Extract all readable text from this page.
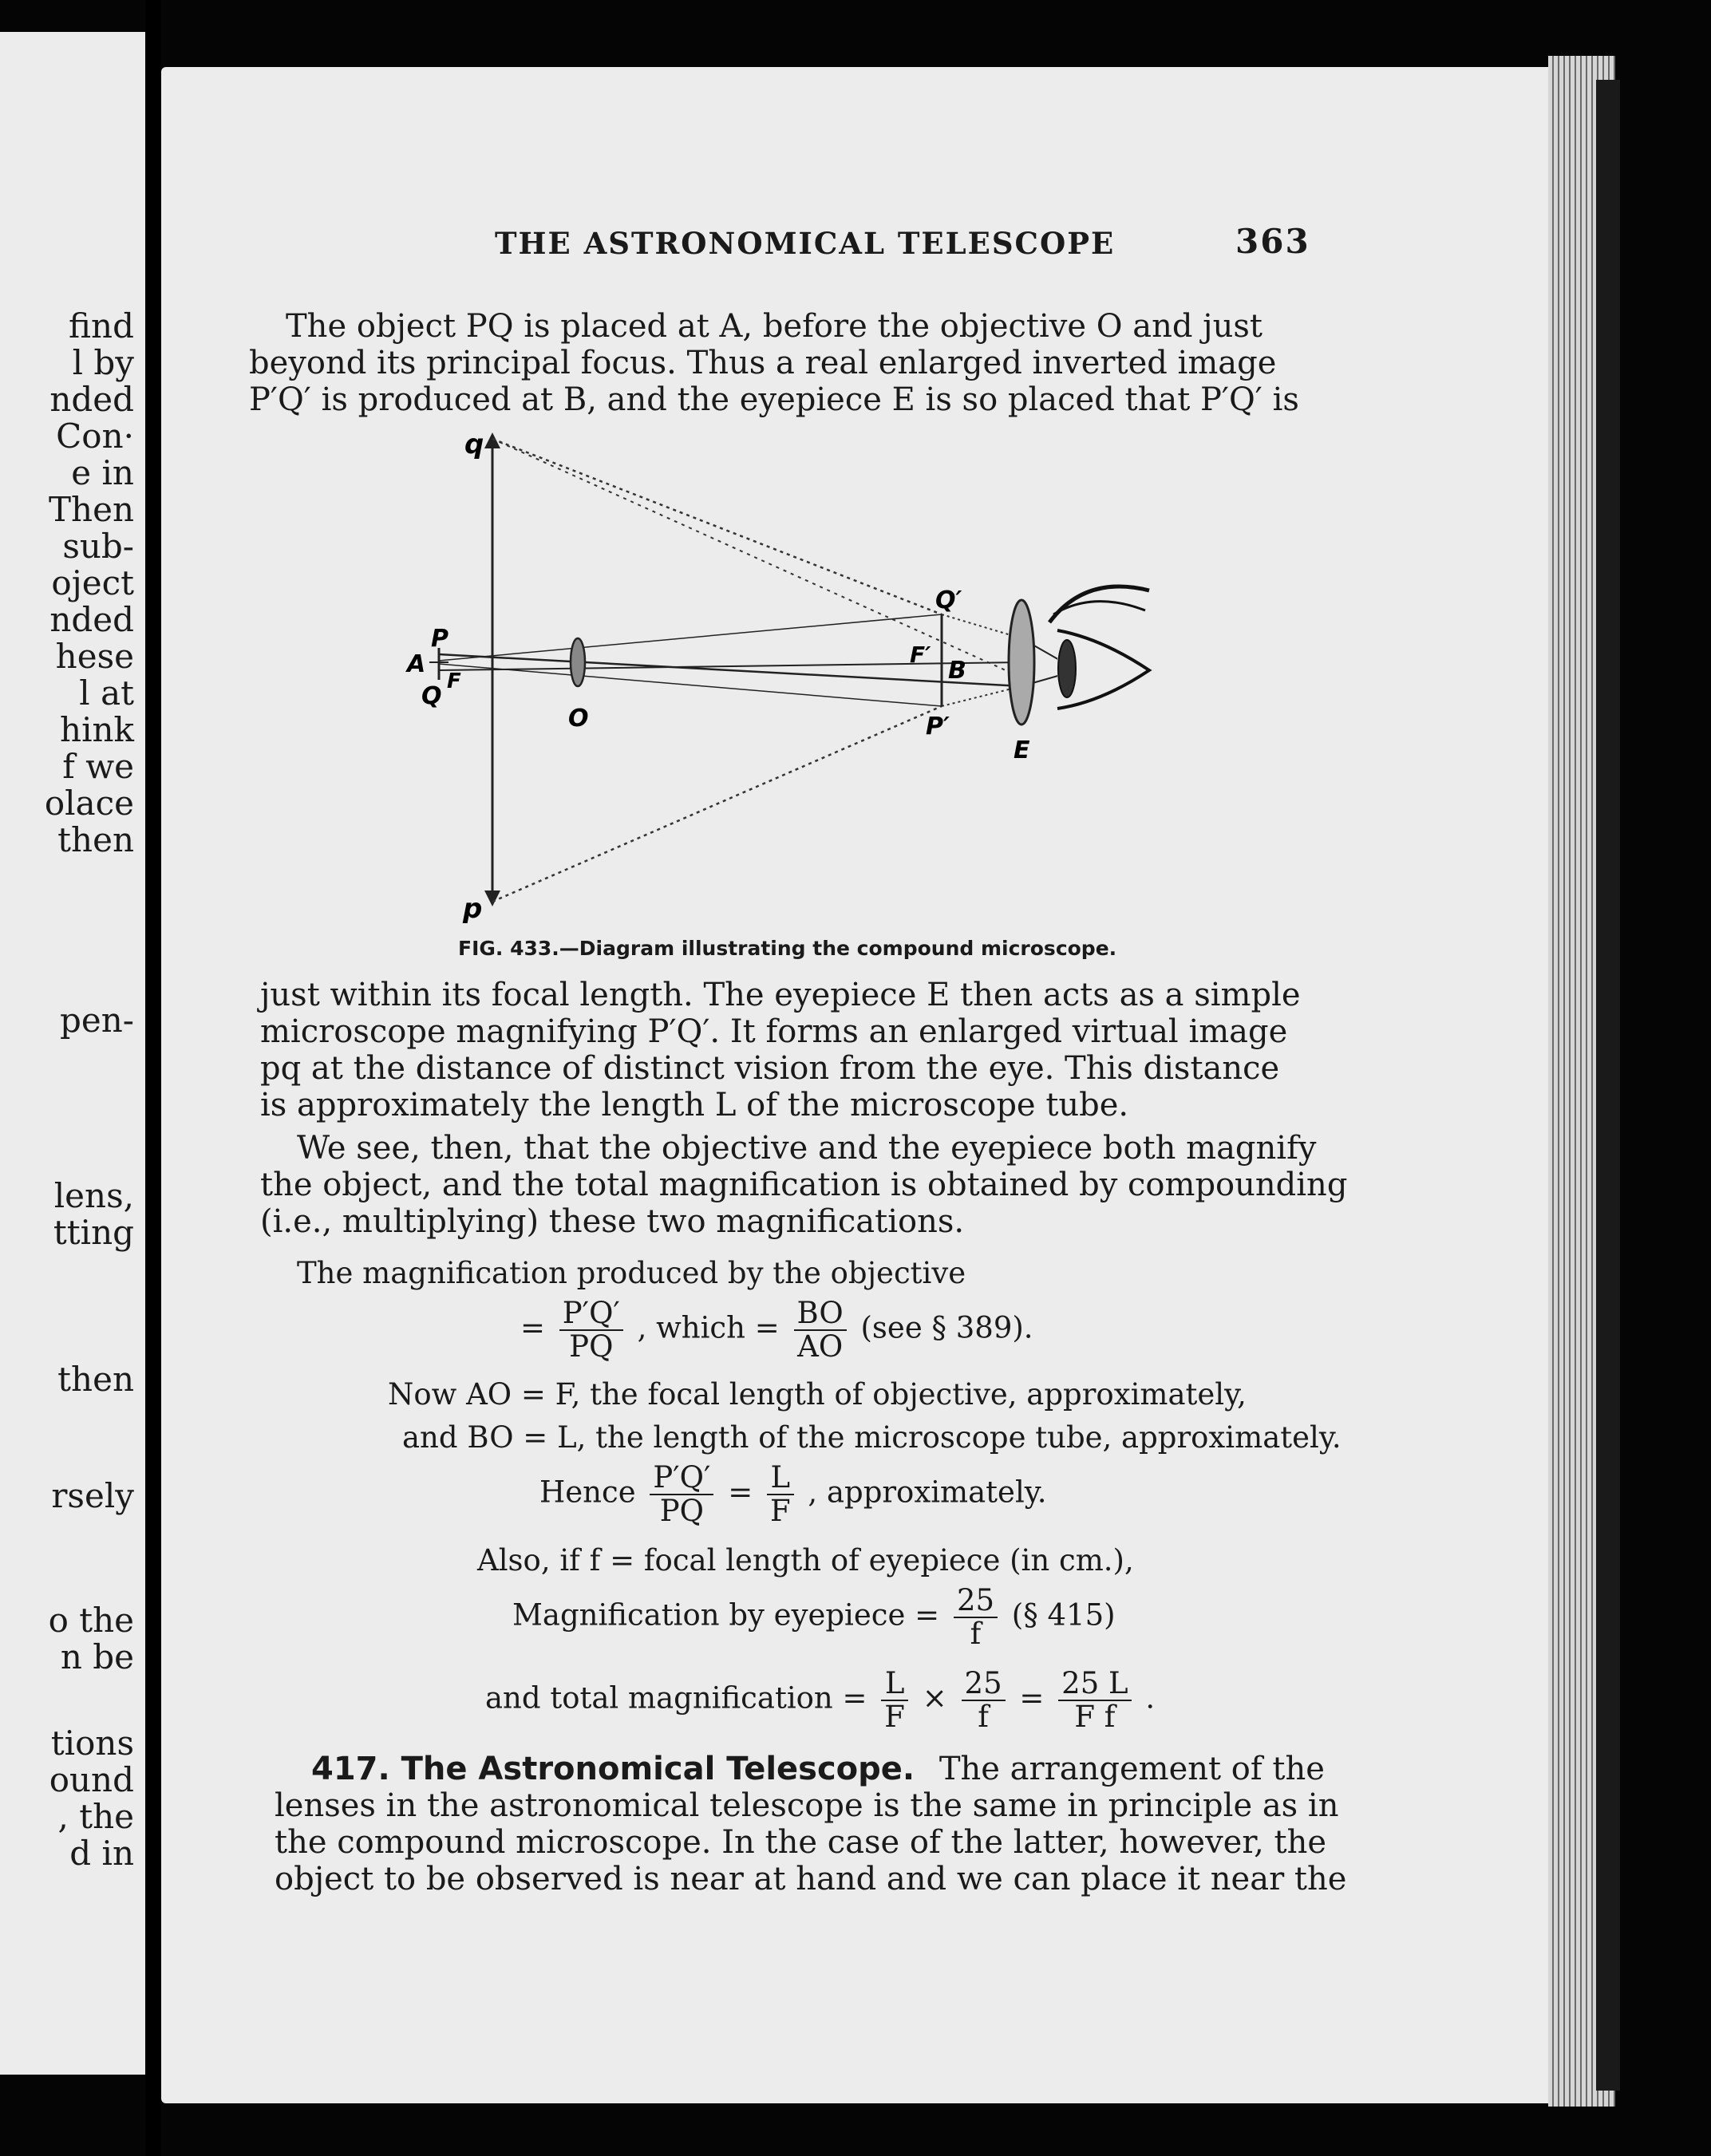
find
l by
nded
Con·
e in
Then
sub-
oject
nded
hese
l at
hink
f we
olace
then
pen-
lens,
tting
then
rsely
o the
n be
tions
ound
, the
d in
THE ASTRONOMICAL TELESCOPE	363
The object PQ is placed at A, before the objective O and just
beyond its principal focus. Thus a real enlarged inverted image
P′Q′ is produced at B, and the eyepiece E is so placed that P′Q′ is
q
p
P
A
F
Q
O
Q′
F′
B
P′
E
FIG. 433.—Diagram illustrating the compound microscope.
just within its focal length. The eyepiece E then acts as a simple
microscope magnifying P′Q′. It forms an enlarged virtual image
pq at the distance of distinct vision from the eye. This distance
is approximately the length L of the microscope tube.
We see, then, that the objective and the eyepiece both magnify
the object, and the total magnification is obtained by compounding
(i.e., multiplying) these two magnifications.
The magnification produced by the objective
= $\frac{P'Q'}{PQ}$ , which = $\frac{BO}{AO} (see$ § 389).
Now AO = F, the focal length of objective, approximately,
and BO = L, the length of the microscope tube, approximately.
Hence $\frac{P'Q'}{PQ} = \frac{L}{F}$ , approximately.
Also, if f = focal length of eyepiece (in cm.),
Magnification by eyepiece = $\frac{25}{f}$ (§ 415)
and total magnification = $\frac{L}{F} \times \frac{25}{f} = \frac{25 L}{\text{F f}}$ .
417. The Astronomical Telescope. The arrangement of the
lenses in the astronomical telescope is the same in principle as in
the compound microscope. In the case of the latter, however, the
object to be observed is near at hand and we can place it near the
